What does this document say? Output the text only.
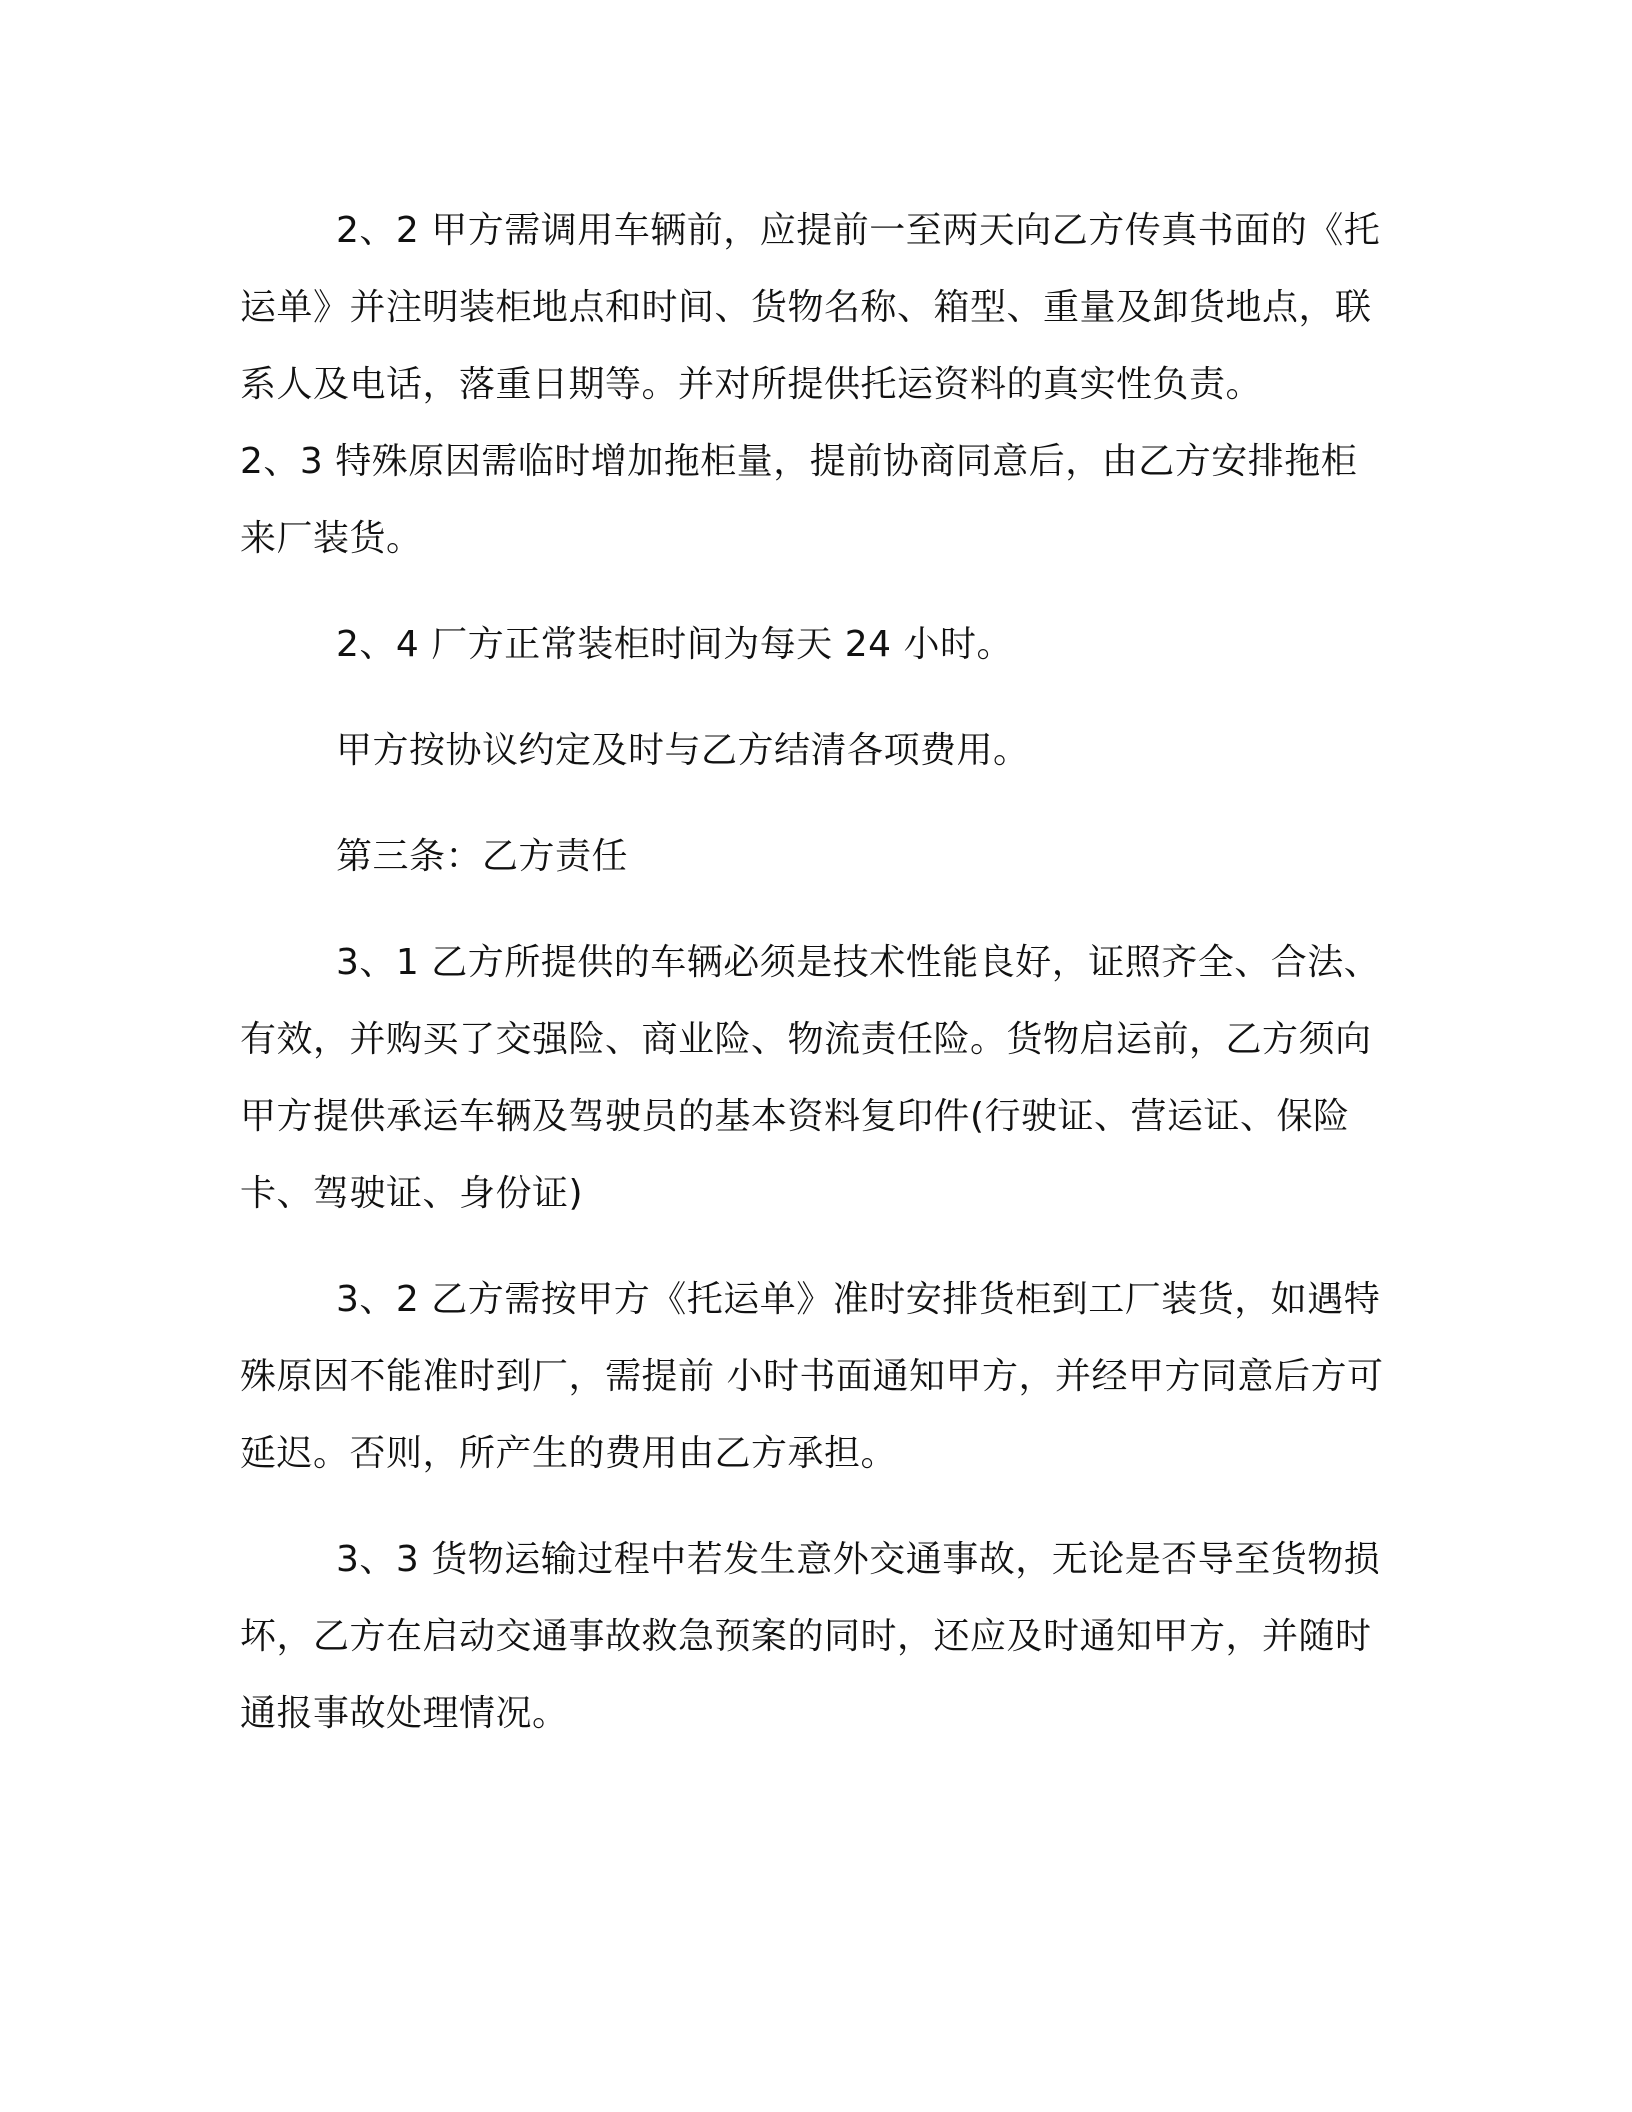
2、2 甲方需调用车辆前，应提前一至两天向乙方传真书面的《托运单》并注明装柜地点和时间、货物名称、箱型、重量及卸货地点，联系人及电话，落重日期等。并对所提供托运资料的真实性负责。

2、3 特殊原因需临时增加拖柜量，提前协商同意后，由乙方安排拖柜来厂装货。

2、4 厂方正常装柜时间为每天 24 小时。

甲方按协议约定及时与乙方结清各项费用。

第三条：乙方责任

3、1 乙方所提供的车辆必须是技术性能良好，证照齐全、合法、有效，并购买了交强险、商业险、物流责任险。货物启运前，乙方须向甲方提供承运车辆及驾驶员的基本资料复印件(行驶证、营运证、保险卡、驾驶证、身份证)

3、2 乙方需按甲方《托运单》准时安排货柜到工厂装货，如遇特殊原因不能准时到厂，需提前 小时书面通知甲方，并经甲方同意后方可延迟。否则，所产生的费用由乙方承担。

3、3 货物运输过程中若发生意外交通事故，无论是否导至货物损坏，乙方在启动交通事故救急预案的同时，还应及时通知甲方，并随时通报事故处理情况。
